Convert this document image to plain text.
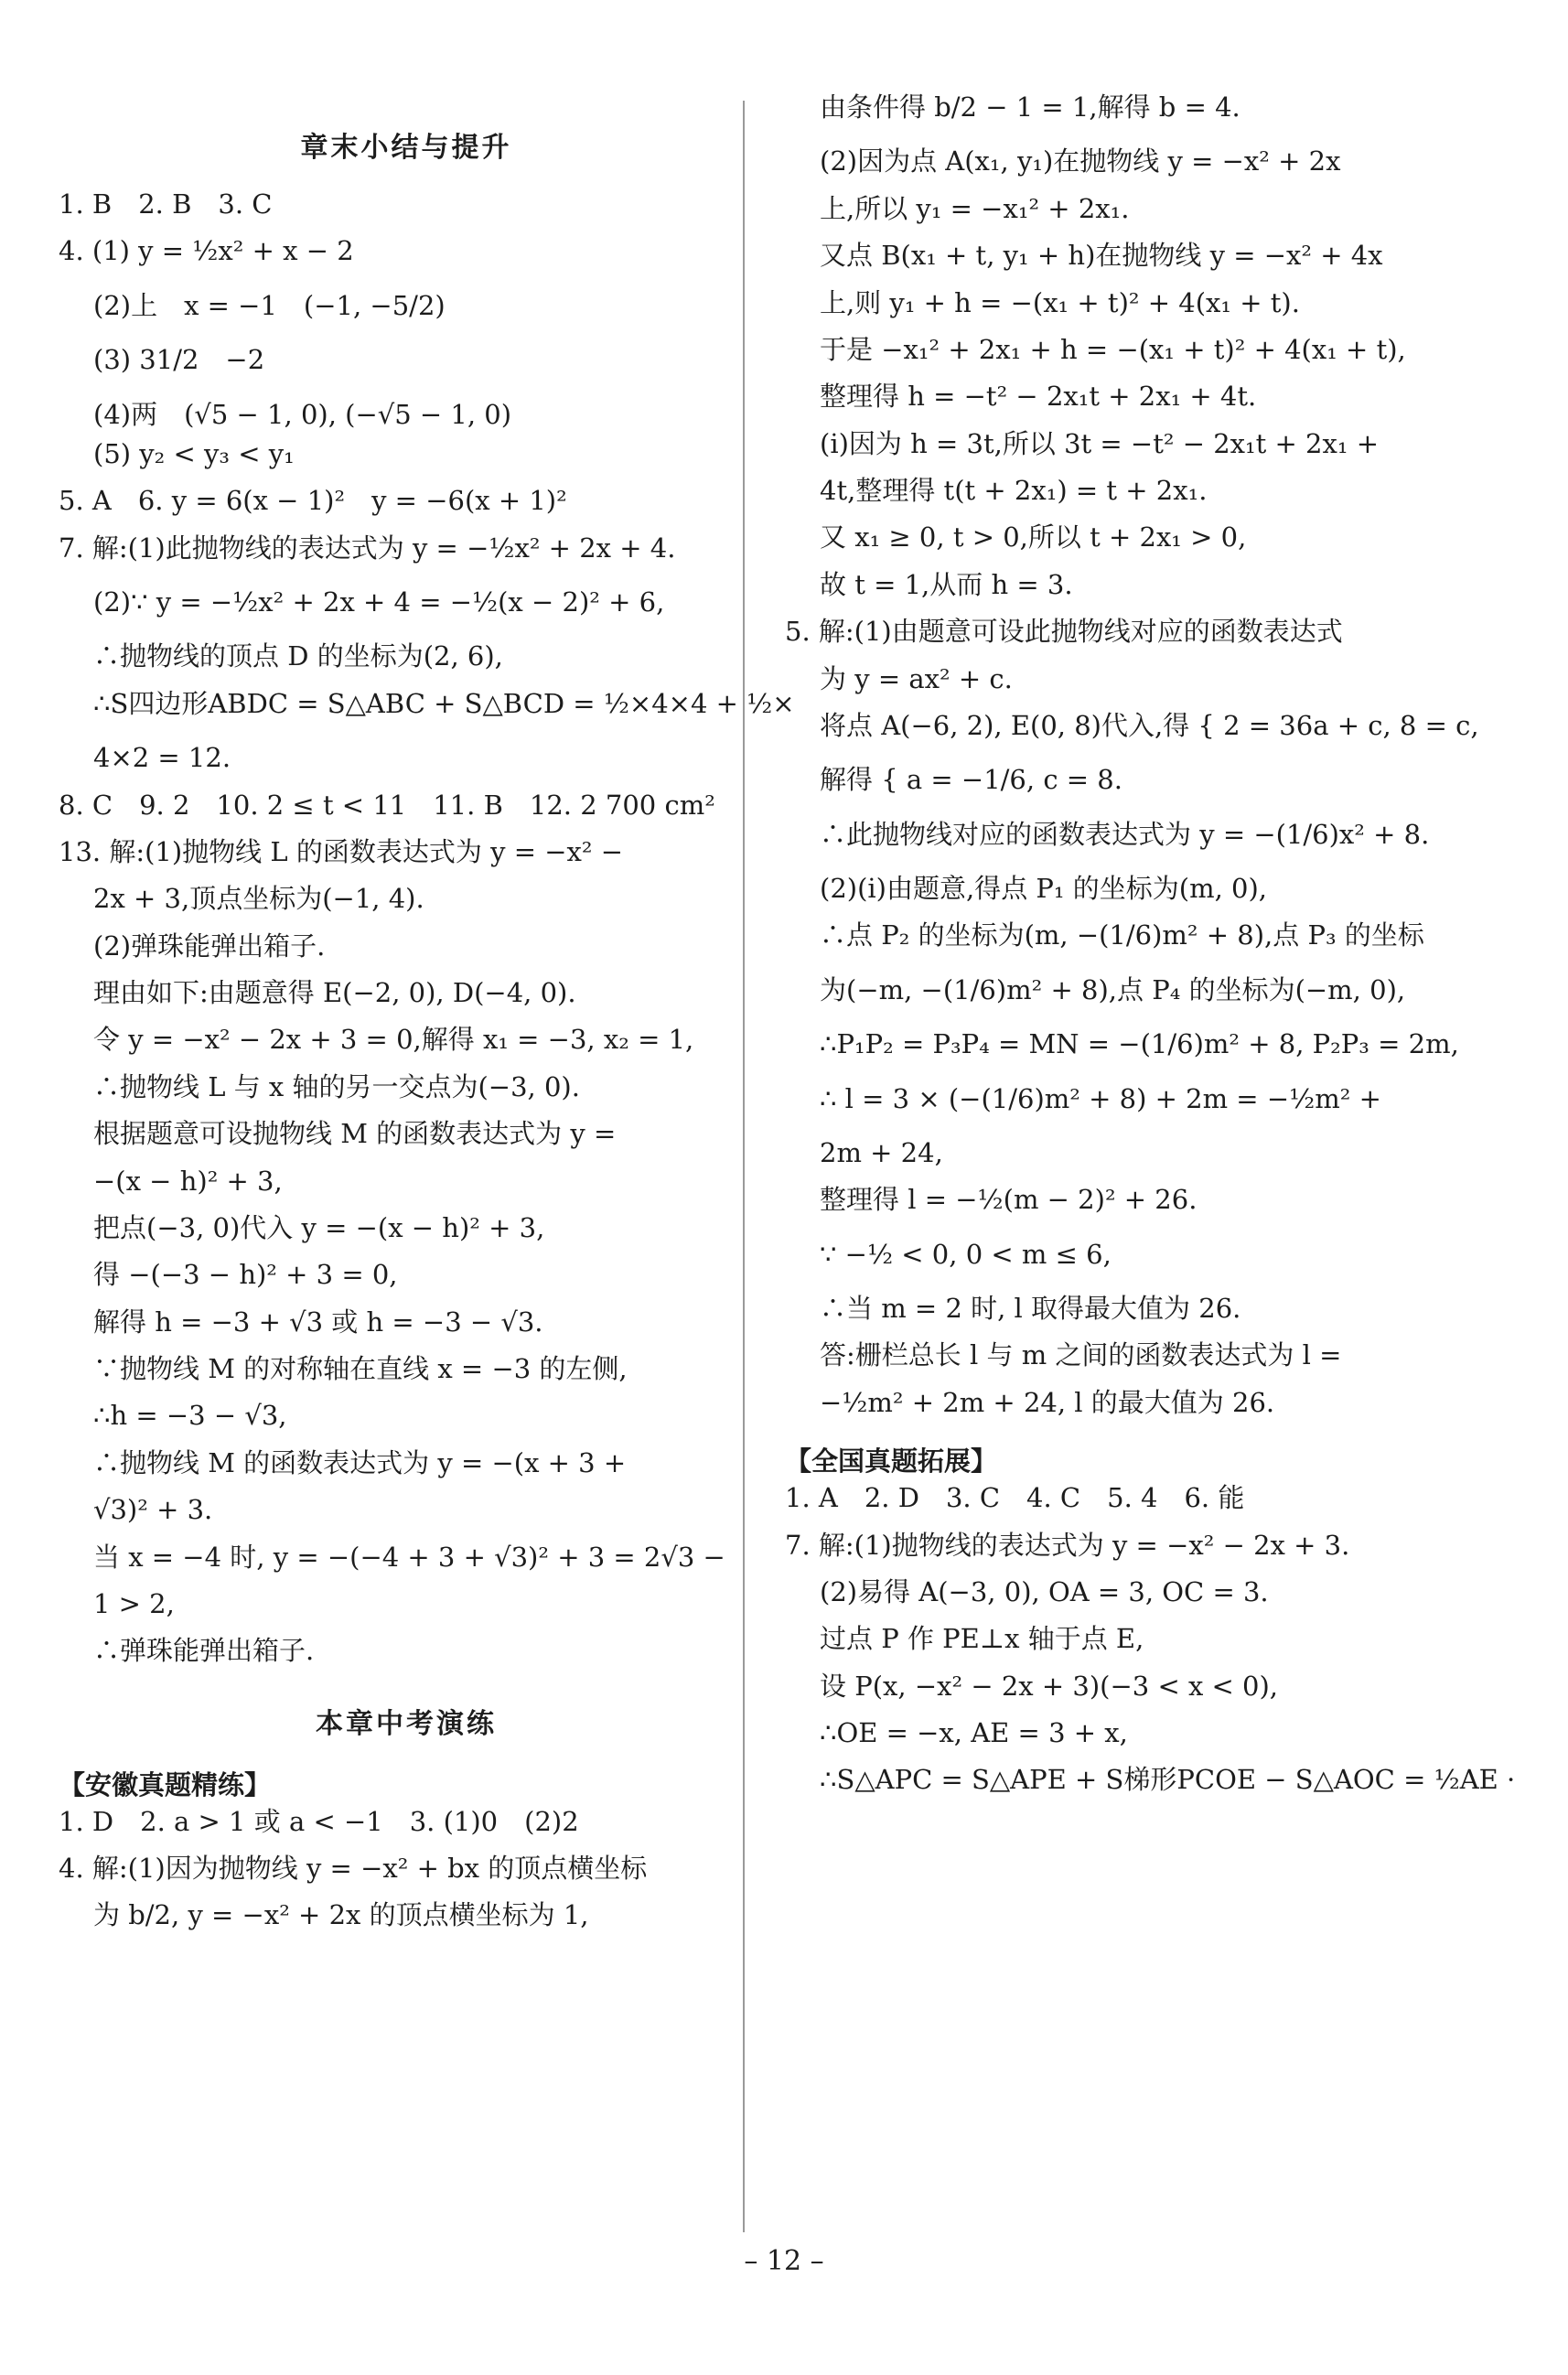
章末小结与提升
1. B　2. B　3. C
4. (1) y = ½x² + x − 2
(2)上　x = −1　(−1, −5/2)
(3) 31/2　−2
(4)两　(√5 − 1, 0), (−√5 − 1, 0)
(5) y₂ < y₃ < y₁
5. A　6. y = 6(x − 1)²　y = −6(x + 1)²
7. 解:(1)此抛物线的表达式为 y = −½x² + 2x + 4.
(2)∵ y = −½x² + 2x + 4 = −½(x − 2)² + 6,
∴抛物线的顶点 D 的坐标为(2, 6),
∴S四边形ABDC = S△ABC + S△BCD = ½×4×4 + ½×
4×2 = 12.
8. C　9. 2　10. 2 ≤ t < 11　11. B　12. 2 700 cm²
13. 解:(1)抛物线 L 的函数表达式为 y = −x² −
2x + 3,顶点坐标为(−1, 4).
(2)弹珠能弹出箱子.
理由如下:由题意得 E(−2, 0), D(−4, 0).
令 y = −x² − 2x + 3 = 0,解得 x₁ = −3, x₂ = 1,
∴抛物线 L 与 x 轴的另一交点为(−3, 0).
根据题意可设抛物线 M 的函数表达式为 y =
−(x − h)² + 3,
把点(−3, 0)代入 y = −(x − h)² + 3,
得 −(−3 − h)² + 3 = 0,
解得 h = −3 + √3 或 h = −3 − √3.
∵抛物线 M 的对称轴在直线 x = −3 的左侧,
∴h = −3 − √3,
∴抛物线 M 的函数表达式为 y = −(x + 3 +
√3)² + 3.
当 x = −4 时, y = −(−4 + 3 + √3)² + 3 = 2√3 −
1 > 2,
∴弹珠能弹出箱子.
本章中考演练
【安徽真题精练】
1. D　2. a > 1 或 a < −1　3. (1)0　(2)2
4. 解:(1)因为抛物线 y = −x² + bx 的顶点横坐标
为 b/2, y = −x² + 2x 的顶点横坐标为 1,
由条件得 b/2 − 1 = 1,解得 b = 4.
(2)因为点 A(x₁, y₁)在抛物线 y = −x² + 2x
上,所以 y₁ = −x₁² + 2x₁.
又点 B(x₁ + t, y₁ + h)在抛物线 y = −x² + 4x
上,则 y₁ + h = −(x₁ + t)² + 4(x₁ + t).
于是 −x₁² + 2x₁ + h = −(x₁ + t)² + 4(x₁ + t),
整理得 h = −t² − 2x₁t + 2x₁ + 4t.
(ⅰ)因为 h = 3t,所以 3t = −t² − 2x₁t + 2x₁ +
4t,整理得 t(t + 2x₁) = t + 2x₁.
又 x₁ ≥ 0, t > 0,所以 t + 2x₁ > 0,
故 t = 1,从而 h = 3.
5. 解:(1)由题意可设此抛物线对应的函数表达式
为 y = ax² + c.
将点 A(−6, 2), E(0, 8)代入,得 { 2 = 36a + c, 8 = c,
解得 { a = −1/6, c = 8.
∴此抛物线对应的函数表达式为 y = −(1/6)x² + 8.
(2)(ⅰ)由题意,得点 P₁ 的坐标为(m, 0),
∴点 P₂ 的坐标为(m, −(1/6)m² + 8),点 P₃ 的坐标
为(−m, −(1/6)m² + 8),点 P₄ 的坐标为(−m, 0),
∴P₁P₂ = P₃P₄ = MN = −(1/6)m² + 8, P₂P₃ = 2m,
∴ l = 3 × (−(1/6)m² + 8) + 2m = −½m² +
2m + 24,
整理得 l = −½(m − 2)² + 26.
∵ −½ < 0, 0 < m ≤ 6,
∴当 m = 2 时, l 取得最大值为 26.
答:栅栏总长 l 与 m 之间的函数表达式为 l =
−½m² + 2m + 24, l 的最大值为 26.
【全国真题拓展】
1. A　2. D　3. C　4. C　5. 4　6. 能
7. 解:(1)抛物线的表达式为 y = −x² − 2x + 3.
(2)易得 A(−3, 0), OA = 3, OC = 3.
过点 P 作 PE⊥x 轴于点 E,
设 P(x, −x² − 2x + 3)(−3 < x < 0),
∴OE = −x, AE = 3 + x,
∴S△APC = S△APE + S梯形PCOE − S△AOC = ½AE ·
– 12 –
